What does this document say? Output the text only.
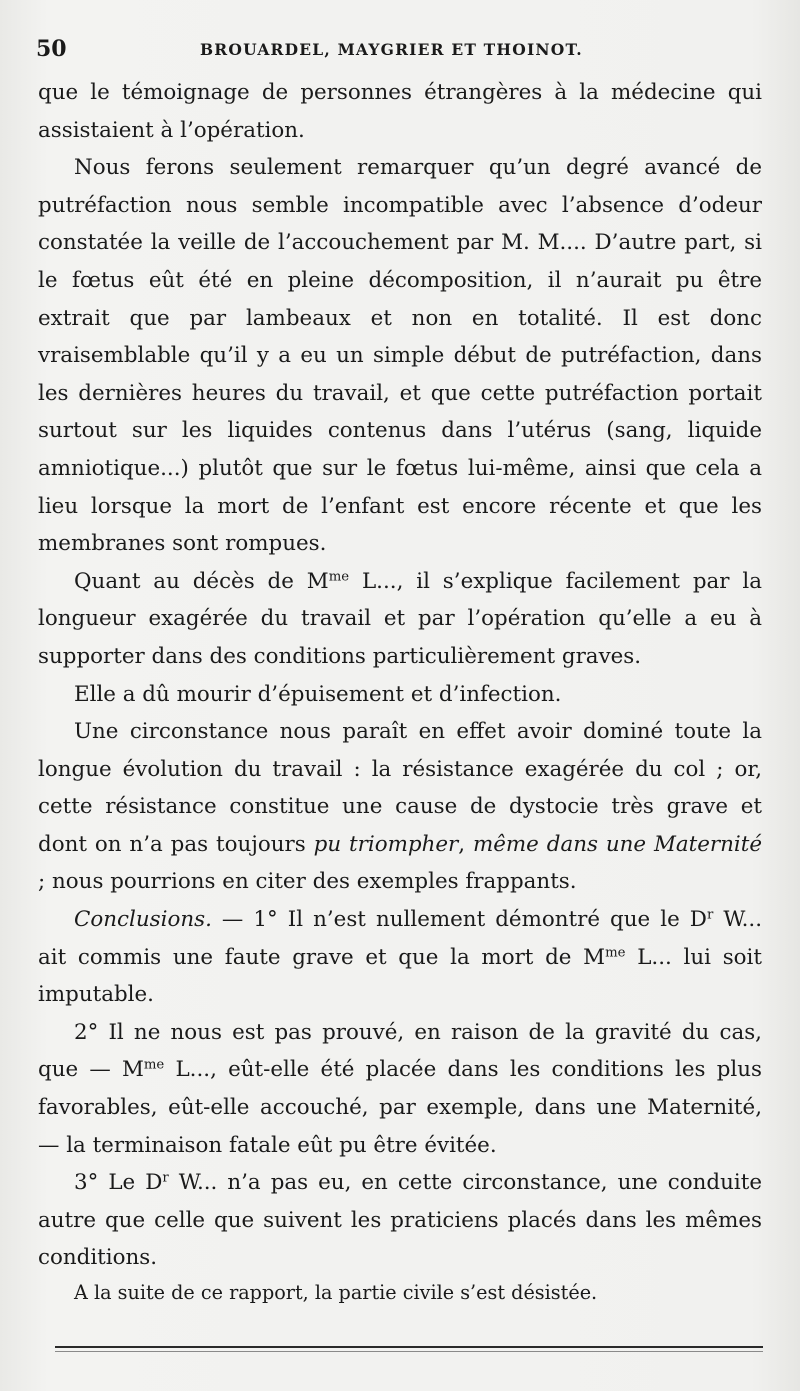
50	BROUARDEL, MAYGRIER ET THOINOT.

que le témoignage de personnes étrangères à la médecine qui assistaient à l’opération.

Nous ferons seulement remarquer qu’un degré avancé de putréfaction nous semble incompatible avec l’absence d’odeur constatée la veille de l’accouchement par M. M.... D’autre part, si le fœtus eût été en pleine décomposition, il n’aurait pu être extrait que par lambeaux et non en totalité. Il est donc vraisemblable qu’il y a eu un simple début de putréfaction, dans les dernières heures du travail, et que cette putréfaction portait surtout sur les liquides contenus dans l’utérus (sang, liquide amniotique...) plutôt que sur le fœtus lui-même, ainsi que cela a lieu lorsque la mort de l’enfant est encore récente et que les membranes sont rompues.

Quant au décès de $M^{me}$ L..., il s’explique facilement par la longueur exagérée du travail et par l’opération qu’elle a eu à supporter dans des conditions particulièrement graves.

Elle a dû mourir d’épuisement et d’infection.

Une circonstance nous paraît en effet avoir dominé toute la longue évolution du travail : la résistance exagérée du col ; or, cette résistance constitue une cause de dystocie très grave et dont on n’a pas toujours pu triompher, même dans une Maternité ; nous pourrions en citer des exemples frappants.

Conclusions. — 1° Il n’est nullement démontré que le $D^r$ W... ait commis une faute grave et que la mort de $M^{me}$ L... lui soit imputable.

2° Il ne nous est pas prouvé, en raison de la gravité du cas, que — $M^{me}$ L..., eût-elle été placée dans les conditions les plus favorables, eût-elle accouché, par exemple, dans une Maternité, — la terminaison fatale eût pu être évitée.

3° Le $D^r$ W... n’a pas eu, en cette circonstance, une conduite autre que celle que suivent les praticiens placés dans les mêmes conditions.

A la suite de ce rapport, la partie civile s’est désistée.
